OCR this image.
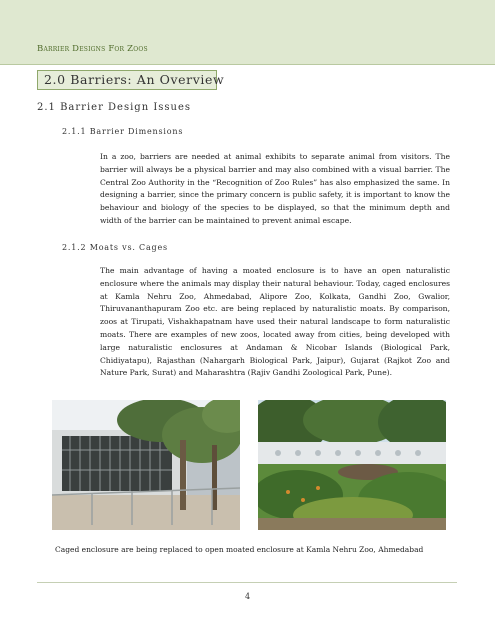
Barrier Designs For Zoos
2.0 Barriers: An Overview
2.1 Barrier Design Issues
2.1.1 Barrier Dimensions
In a zoo, barriers are needed at animal exhibits to separate animal from visitors. The barrier will always be a physical barrier and may also combined with a visual barrier. The Central Zoo Authority in the “Recognition of Zoo Rules” has also emphasized the same. In designing a barrier, since the primary concern is public safety, it is important to know the behaviour and biology of the species to be displayed, so that the minimum depth and width of the barrier can be maintained to prevent animal escape.
2.1.2 Moats vs. Cages
The main advantage of having a moated enclosure is to have an open naturalistic enclosure where the animals may display their natural behaviour. Today, caged enclosures at Kamla Nehru Zoo, Ahmedabad, Alipore Zoo, Kolkata, Gandhi Zoo, Gwalior, Thiruvananthapuram Zoo etc. are being replaced by naturalistic moats. By comparison, zoos at Tirupati, Vishakhapatnam have used their natural landscape to form naturalistic moats. There are examples of new zoos, located away from cities, being developed with large naturalistic enclosures at Andaman & Nicobar Islands (Biological Park, Chidiyatapu), Rajasthan (Nahargarh Biological Park, Jaipur), Gujarat (Rajkot Zoo and Nature Park, Surat) and Maharashtra (Rajiv Gandhi Zoological Park, Pune).
Caged enclosure are being replaced to open moated enclosure at Kamla Nehru Zoo, Ahmedabad
4
